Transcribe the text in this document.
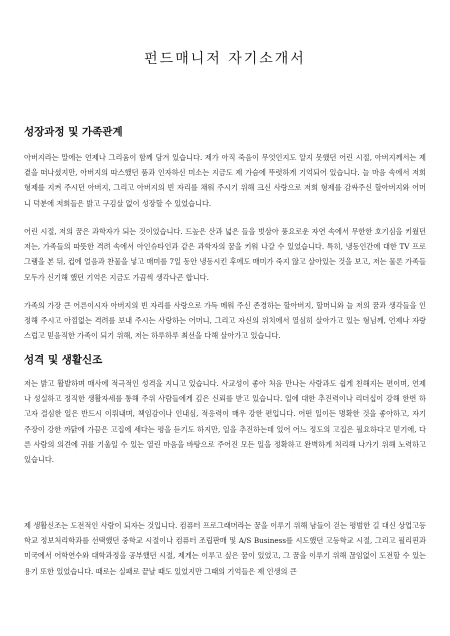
펀드매니저 자기소개서
성장과정 및 가족관계

아버지라는 말에는 언제나 그리움이 함께 담겨 있습니다. 제가 아직 죽음이 무엇인지도 알지 못했던 어린 시절, 아버지께서는 제 곁을 떠나셨지만, 아버지의 따스했던 품과 인자하신 미소는 지금도 제 가슴에 뚜렷하게 기억되어 있습니다. 늘 마음 속에서 저희 형제를 지켜 주시던 아버지, 그리고 아버지의 빈 자리를 채워 주시기 위해 크신 사랑으로 저희 형제를 감싸주신 할아버지와 어머니 덕분에 저희들은 밝고 구김살 없이 성장할 수 있었습니다.

어린 시절, 저의 꿈은 과학자가 되는 것이었습니다. 드높은 산과 넓은 들을 벗삼아 풍요로운 자연 속에서 무한한 호기심을 키웠던 저는, 가족들의 따뜻한 격려 속에서 아인슈타인과 같은 과학자의 꿈을 키워 나갈 수 있었습니다. 특히, 냉동인간에 대한 TV 프로그램을 본 뒤, 컵에 얼음과 찬물을 넣고 매미를 7일 동안 냉동시킨 후에도 매미가 죽지 않고 살아있는 것을 보고, 저는 물론 가족들 모두가 신기해 했던 기억은 지금도 가끔씩 생각나곤 합니다.

가족의 가장 큰 어른이시자 아버지의 빈 자리를 사랑으로 가득 메워 주신 존경하는 할아버지, 할머니와 늘 저의 꿈과 생각들을 인정해 주시고 아낌없는 격려를 보내 주시는 사랑하는 어머니, 그리고 자신의 위치에서 열심히 살아가고 있는 형님께, 언제나 자랑스럽고 믿음직한 가족이 되기 위해, 저는 하루하루 최선을 다해 살아가고 있습니다.

성격 및 생활신조

저는 밝고 활발하며 매사에 적극적인 성격을 지니고 있습니다. 사교성이 좋아 처음 만나는 사람과도 쉽게 친해지는 편이며, 언제나 성실하고 정직한 생활자세를 통해 주위 사람들에게 깊은 신뢰를 받고 있습니다. 일에 대한 추진력이나 리더십이 강해 한번 하고자 결심한 일은 반드시 이뤄내며, 책임감이나 인내심, 적응력이 매우 강한 편입니다. 어떤 일이든 명확한 것을 좋아하고, 자기 주장이 강한 까닭에 가끔은 고집에 세다는 평을 듣기도 하지만, 일을 추진하는데 있어 어느 정도의 고집은 필요하다고 믿기에, 다른 사람의 의견에 귀를 기울일 수 있는 열린 마음을 바탕으로 주어진 모든 일을 정확하고 완벽하게 처리해 나가기 위해 노력하고 있습니다.

제 생활신조는 도전적인 사람이 되자는 것입니다. 컴퓨터 프로그래머라는 꿈을 이루기 위해 남들이 걷는 평범한 길 대신 상업고등학교 정보처리학과를 선택했던 중학교 시절이나 컴퓨터 조립판매 및 A/S Business를 시도했던 고등학교 시절, 그리고 필리핀과 미국에서 어학연수와 대학과정을 공부했던 시절, 제게는 이루고 싶은 꿈이 있었고, 그 꿈을 이루기 위해 끊임없이 도전할 수 있는 용기 또한 있었습니다. 때로는 실패로 끝날 때도 있었지만 그때의 기억들은 제 인생의 큰
